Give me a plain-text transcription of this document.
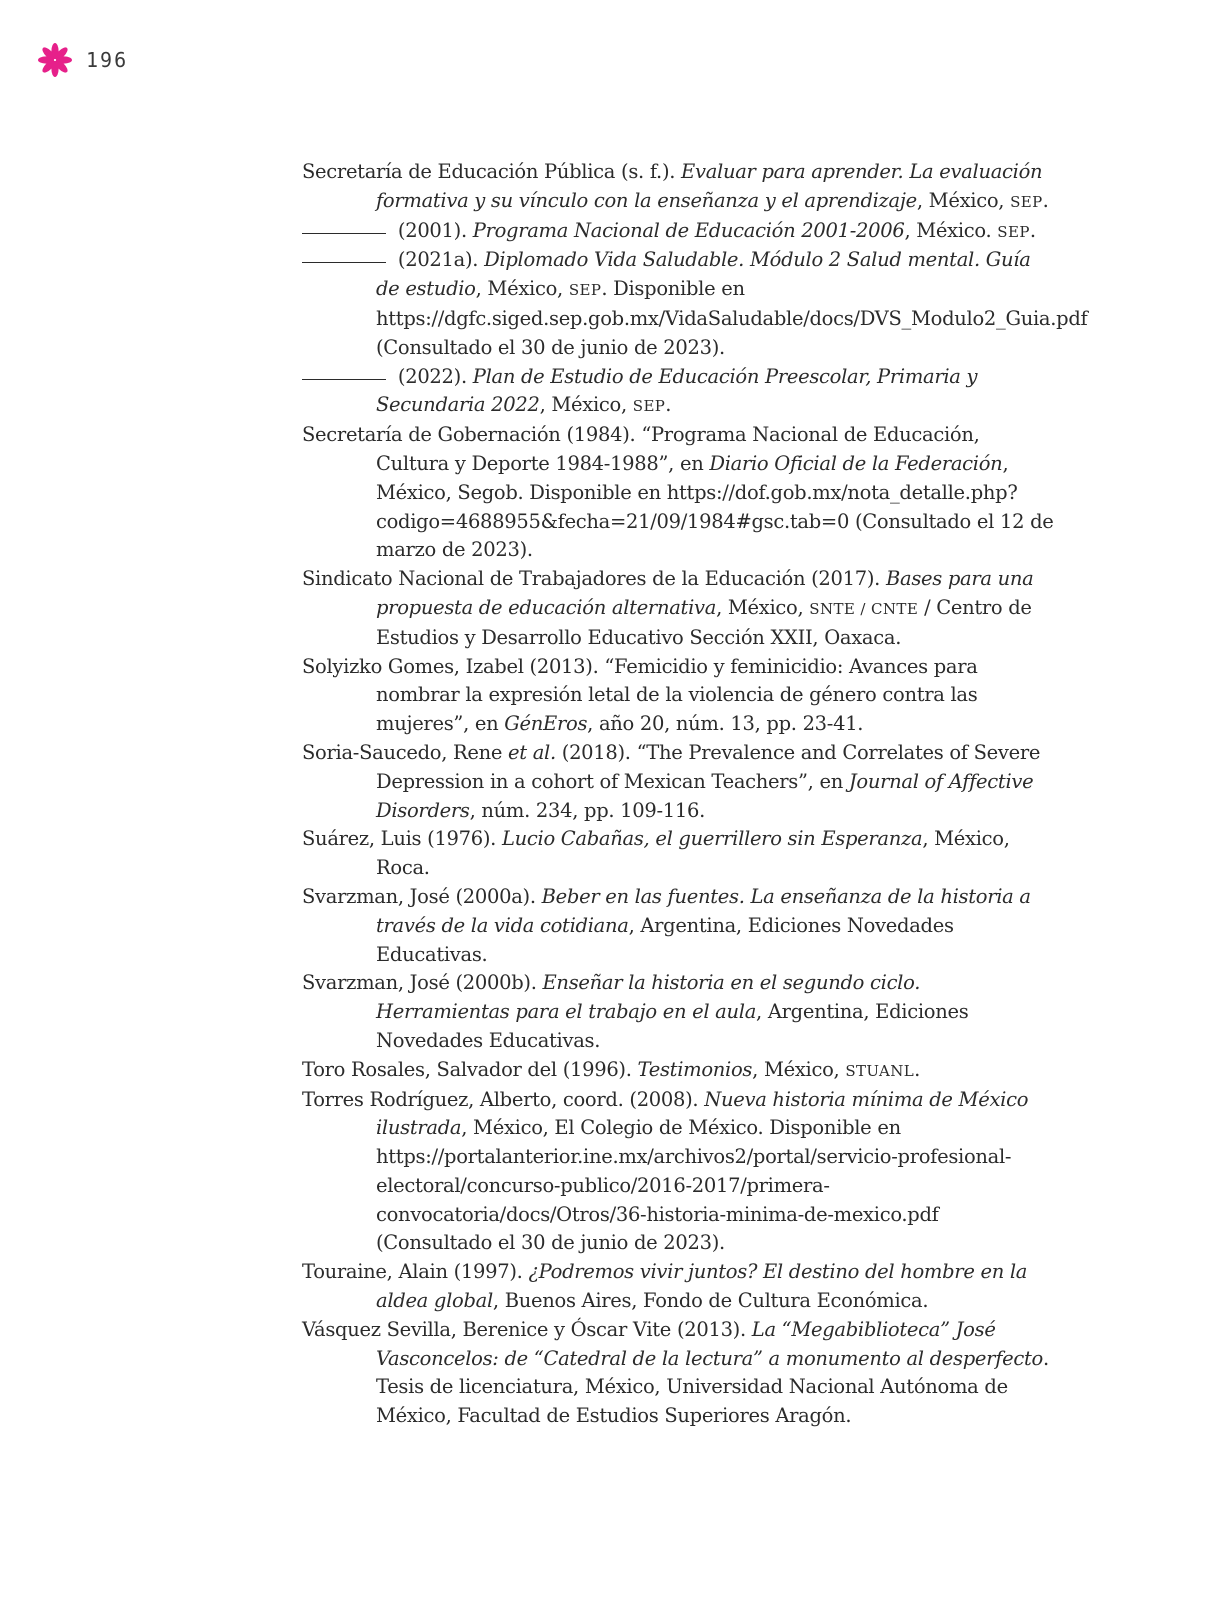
196

Secretaría de Educación Pública (s. f.). Evaluar para aprender. La evaluación formativa y su vínculo con la enseñanza y el aprendizaje, México, SEP.

(2001). Programa Nacional de Educación 2001-2006, México. SEP.

(2021a). Diplomado Vida Saludable. Módulo 2 Salud mental. Guía de estudio, México, SEP. Disponible en https://dgfc.siged.sep.gob.mx/VidaSaludable/docs/DVS_Modulo2_Guia.pdf (Consultado el 30 de junio de 2023).

(2022). Plan de Estudio de Educación Preescolar, Primaria y Secundaria 2022, México, SEP.

Secretaría de Gobernación (1984). “Programa Nacional de Educación, Cultura y Deporte 1984-1988”, en Diario Oficial de la Federación, México, Segob. Disponible en https://dof.gob.mx/nota_detalle.php?codigo=4688955&fecha=21/09/1984#gsc.tab=0 (Consultado el 12 de marzo de 2023).

Sindicato Nacional de Trabajadores de la Educación (2017). Bases para una propuesta de educación alternativa, México, SNTE / CNTE / Centro de Estudios y Desarrollo Educativo Sección XXII, Oaxaca.

Solyizko Gomes, Izabel (2013). “Femicidio y feminicidio: Avances para nombrar la expresión letal de la violencia de género contra las mujeres”, en GénEros, año 20, núm. 13, pp. 23-41.

Soria-Saucedo, Rene et al. (2018). “The Prevalence and Correlates of Severe Depression in a cohort of Mexican Teachers”, en Journal of Affective Disorders, núm. 234, pp. 109-116.

Suárez, Luis (1976). Lucio Cabañas, el guerrillero sin Esperanza, México, Roca.

Svarzman, José (2000a). Beber en las fuentes. La enseñanza de la historia a través de la vida cotidiana, Argentina, Ediciones Novedades Educativas.

Svarzman, José (2000b). Enseñar la historia en el segundo ciclo. Herramientas para el trabajo en el aula, Argentina, Ediciones Novedades Educativas.

Toro Rosales, Salvador del (1996). Testimonios, México, STUANL.

Torres Rodríguez, Alberto, coord. (2008). Nueva historia mínima de México ilustrada, México, El Colegio de México. Disponible en https://portalanterior.ine.mx/archivos2/portal/servicio-profesional-electoral/concurso-publico/2016-2017/primera-convocatoria/docs/Otros/36-historia-minima-de-mexico.pdf (Consultado el 30 de junio de 2023).

Touraine, Alain (1997). ¿Podremos vivir juntos? El destino del hombre en la aldea global, Buenos Aires, Fondo de Cultura Económica.

Vásquez Sevilla, Berenice y Óscar Vite (2013). La “Megabiblioteca” José Vasconcelos: de “Catedral de la lectura” a monumento al desperfecto. Tesis de licenciatura, México, Universidad Nacional Autónoma de México, Facultad de Estudios Superiores Aragón.
